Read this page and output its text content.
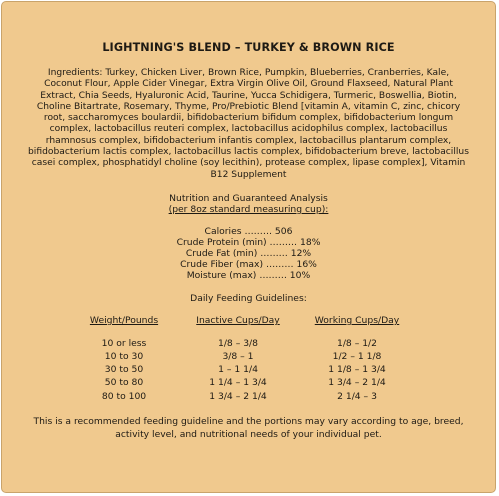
LIGHTNING'S BLEND – TURKEY & BROWN RICE
Ingredients: Turkey, Chicken Liver, Brown Rice, Pumpkin, Blueberries, Cranberries, Kale, Coconut Flour, Apple Cider Vinegar, Extra Virgin Olive Oil, Ground Flaxseed, Natural Plant Extract, Chia Seeds, Hyaluronic Acid, Taurine, Yucca Schidigera, Turmeric, Boswellia, Biotin, Choline Bitartrate, Rosemary, Thyme, Pro/Prebiotic Blend [vitamin A, vitamin C, zinc, chicory root, saccharomyces boulardii, bifidobacterium bifidum complex, bifidobacterium longum complex, lactobacillus reuteri complex, lactobacillus acidophilus complex, lactobacillus rhamnosus complex, bifidobacterium infantis complex, lactobacillus plantarum complex, bifidobacterium lactis complex, lactobacillus lactis complex, bifidobacterium breve, lactobacillus casei complex, phosphatidyl choline (soy lecithin), protease complex, lipase complex], Vitamin B12 Supplement
Nutrition and Guaranteed Analysis
(per 8oz standard measuring cup):
Calories ……… 506
Crude Protein (min) ……… 18%
Crude Fat (min) ……… 12%
Crude Fiber (max) ……… 16%
Moisture (max) ……… 10%
Daily Feeding Guidelines:
Weight/Pounds	Inactive Cups/Day	Working Cups/Day
10 or less	1/8 – 3/8	1/8 – 1/2
10 to 30	3/8 – 1	1/2 – 1 1/8
30 to 50	1 – 1 1/4	1 1/8 – 1 3/4
50 to 80	1 1/4 – 1 3/4	1 3/4 – 2 1/4
80 to 100	1 3/4 – 2 1/4	2 1/4 – 3
This is a recommended feeding guideline and the portions may vary according to age, breed, activity level, and nutritional needs of your individual pet.
